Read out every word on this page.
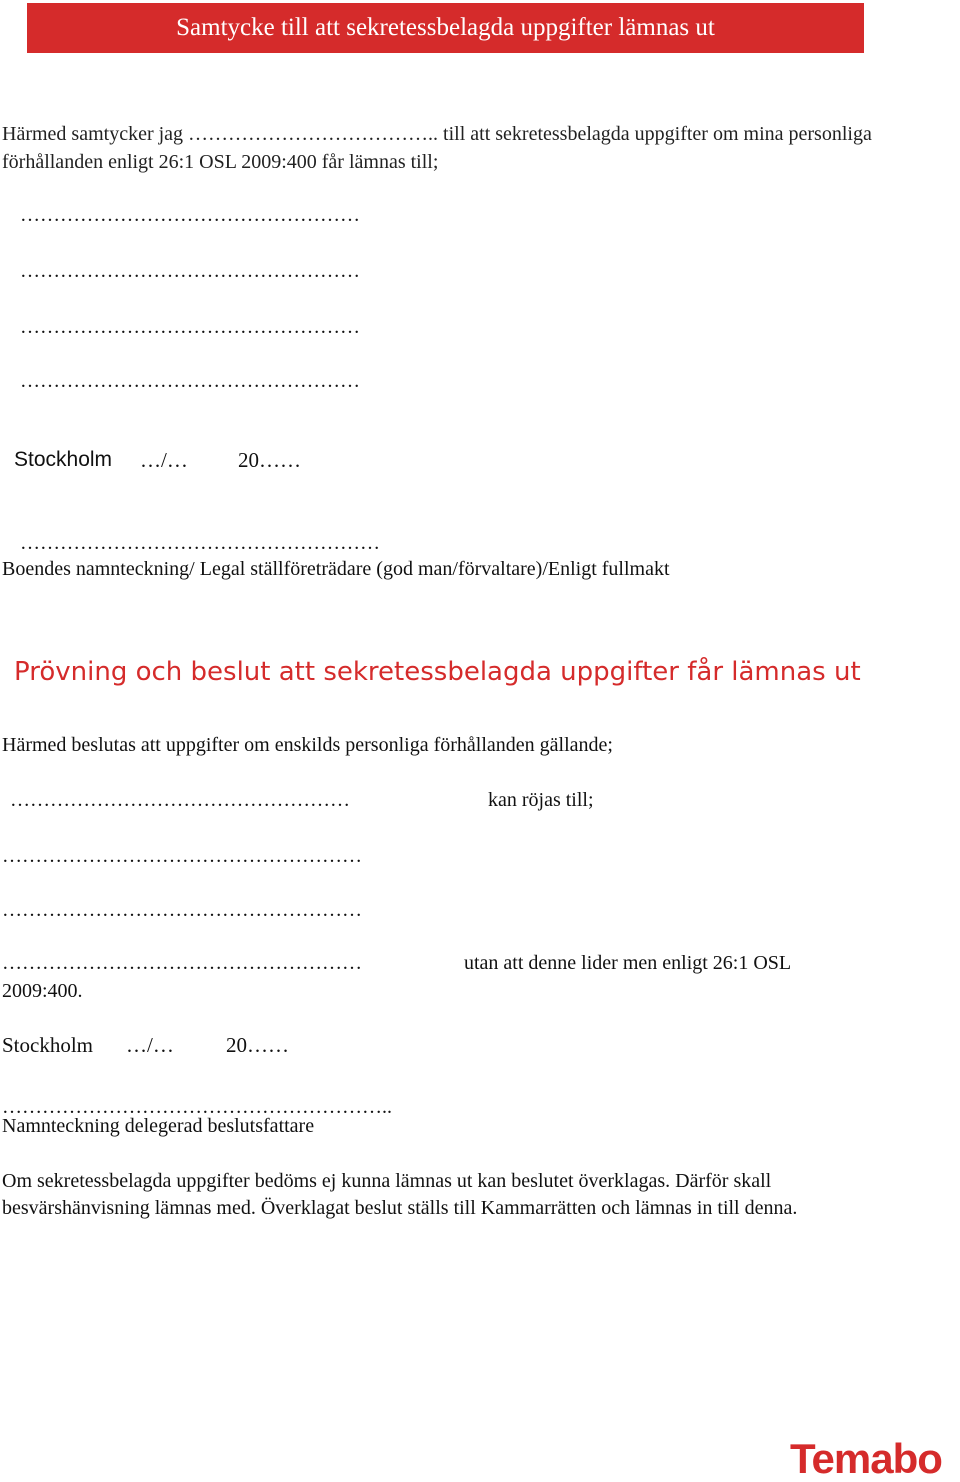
Samtycke till att sekretessbelagda uppgifter lämnas ut
Härmed samtycker jag ……………………………….. till att sekretessbelagda uppgifter om mina personliga förhållanden enligt 26:1 OSL 2009:400 får lämnas till;
……………………………………………
……………………………………………
……………………………………………
……………………………………………
Stockholm …/… 20……
………………………………………………
Boendes namnteckning/ Legal ställföreträdare (god man/förvaltare)/Enligt fullmakt
Prövning och beslut att sekretessbelagda uppgifter får lämnas ut
Härmed beslutas att uppgifter om enskilds personliga förhållanden gällande;
……………………………………………	kan röjas till;
………………………………………………
………………………………………………
………………………………………………	utan att denne lider men enligt 26:1 OSL
2009:400.
Stockholm …/… 20……
…………………………………………………..
Namnteckning delegerad beslutsfattare
Om sekretessbelagda uppgifter bedöms ej kunna lämnas ut kan beslutet överklagas. Därför skall besvärshänvisning lämnas med. Överklagat beslut ställs till Kammarrätten och lämnas in till denna.
Temabo
